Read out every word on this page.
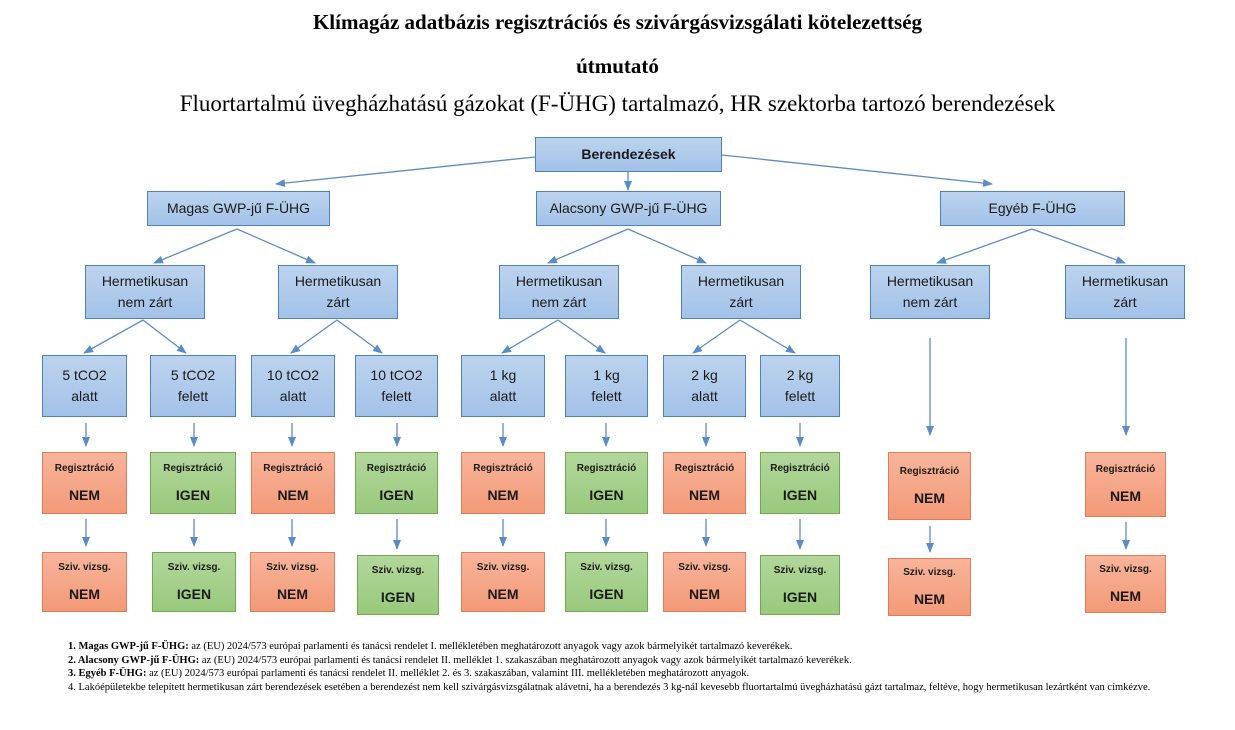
Klímagáz adatbázis regisztrációs és szivárgásvizsgálati kötelezettség
útmutató
Fluortartalmú üvegházhatású gázokat (F-ÜHG) tartalmazó, HR szektorba tartozó berendezések
Berendezések
Magas GWP-jű F-ÜHG	Alacsony GWP-jű F-ÜHG	Egyéb F-ÜHG
Hermetikusan
nem zárt
Hermetikusan
zárt
Hermetikusan
nem zárt
Hermetikusan
zárt
Hermetikusan
nem zárt
Hermetikusan
zárt
5 tCO2
alatt
5 tCO2
felett
10 tCO2
alatt
10 tCO2
felett
1 kg
alatt
1 kg
felett
2 kg
alatt
2 kg
felett
Regisztráció
NEM
Regisztráció
IGEN
Regisztráció
NEM
Regisztráció
IGEN
Regisztráció
NEM
Regisztráció
IGEN
Regisztráció
NEM
Regisztráció
IGEN
Regisztráció
NEM
Regisztráció
NEM
Sziv. vizsg.
NEM
Sziv. vizsg.
IGEN
Sziv. vizsg.
NEM
Sziv. vizsg.
IGEN
Sziv. vizsg.
NEM
Sziv. vizsg.
IGEN
Sziv. vizsg.
NEM
Sziv. vizsg.
IGEN
Sziv. vizsg.
NEM
Sziv. vizsg.
NEM

1. Magas GWP-jű F-ÜHG: az (EU) 2024/573 európai parlamenti és tanácsi rendelet I. mellékletében meghatározott anyagok vagy azok bármelyikét tartalmazó keverékek.

2. Alacsony GWP-jű F-ÜHG: az (EU) 2024/573 európai parlamenti és tanácsi rendelet II. melléklet 1. szakaszában meghatározott anyagok vagy azok bármelyikét tartalmazó keverékek.

3. Egyéb F-ÜHG: az (EU) 2024/573 európai parlamenti és tanácsi rendelet II. melléklet 2. és 3. szakaszában, valamint III. mellékletében meghatározott anyagok.

4. Lakóépületekbe telepített hermetikusan zárt berendezések esetében a berendezést nem kell szivárgásvizsgálatnak alávetni, ha a berendezés 3 kg-nál kevesebb fluortartalmú üvegházhatású gázt tartalmaz, feltéve, hogy hermetikusan lezártként van címkézve.
